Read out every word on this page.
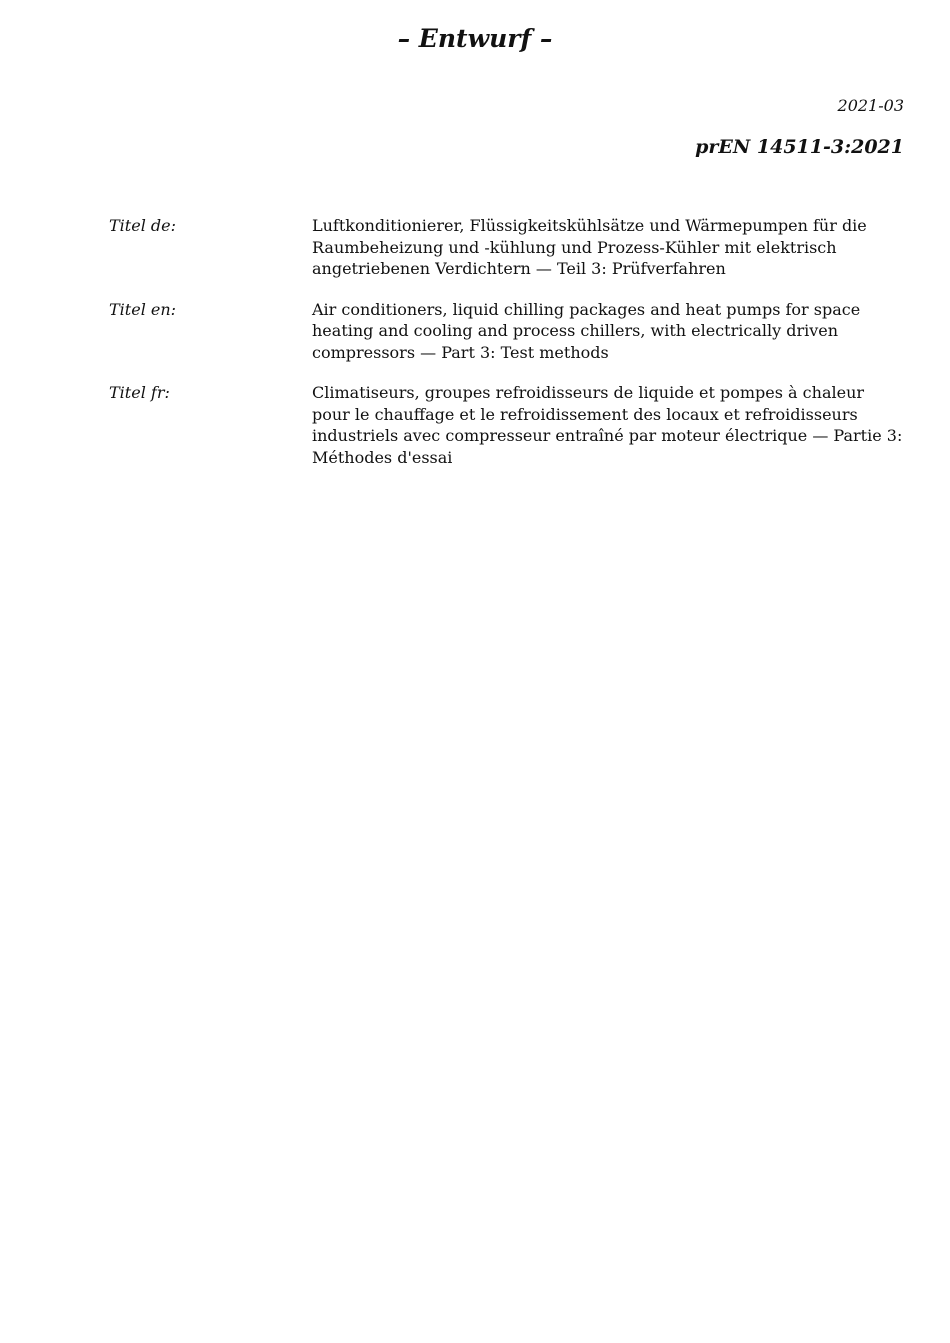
– Entwurf –
2021-03
prEN 14511-3:2021
Titel de:	Luftkonditionierer, Flüssigkeitskühlsätze und Wärmepumpen für die Raumbeheizung und -kühlung und Prozess-Kühler mit elektrisch angetriebenen Verdichtern — Teil 3: Prüfverfahren

Titel en:	Air conditioners, liquid chilling packages and heat pumps for space heating and cooling and process chillers, with electrically driven compressors — Part 3: Test methods

Titel fr:	Climatiseurs, groupes refroidisseurs de liquide et pompes à chaleur pour le chauffage et le refroidissement des locaux et refroidisseurs industriels avec compresseur entraîné par moteur électrique — Partie 3: Méthodes d'essai
